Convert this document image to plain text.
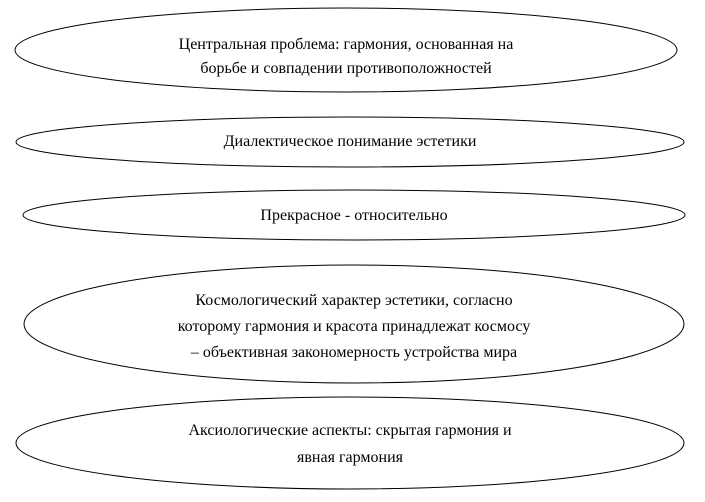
Центральная проблема: гармония, основанная на
борьбе и совпадении противоположностей
Диалектическое понимание эстетики
Прекрасное - относительно
Космологический характер эстетики, согласно
которому гармония и красота принадлежат космосу
– объективная закономерность устройства мира
Аксиологические аспекты: скрытая гармония и
явная гармония
